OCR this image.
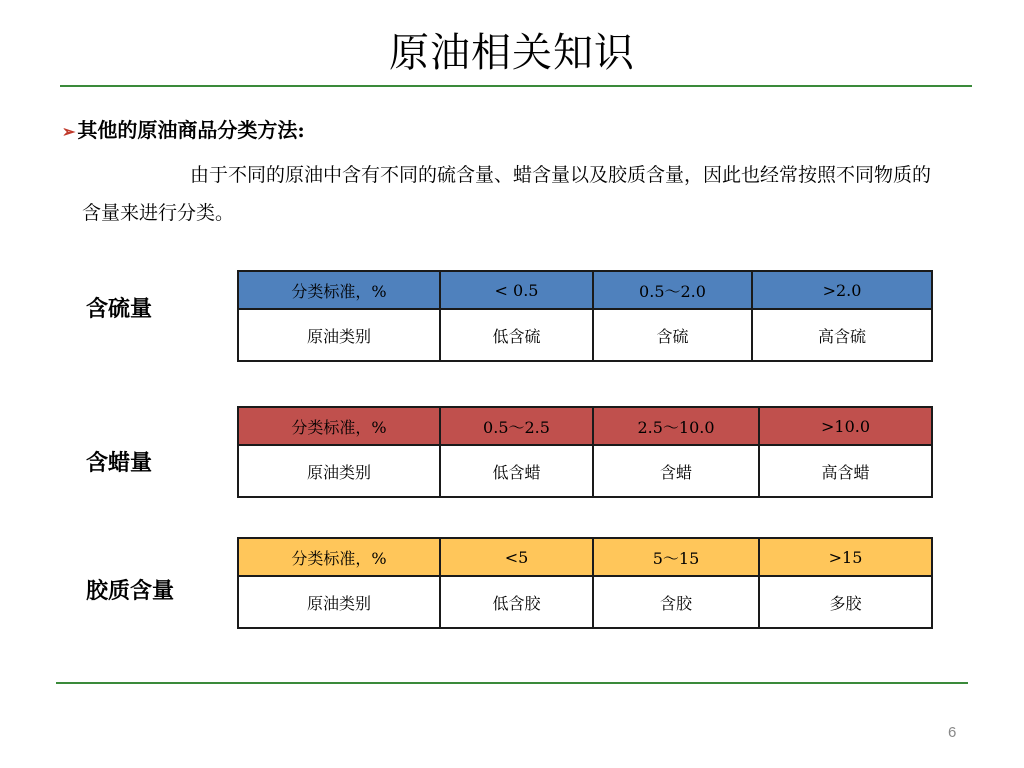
原油相关知识
➢ 其他的原油商品分类方法:
由于不同的原油中含有不同的硫含量、蜡含量以及胶质含量，因此也经常按照不同物质的含量来进行分类。
含硫量
分类标准，%	< 0.5	0.5～2.0	>2.0
原油类别	低含硫	含硫	高含硫
含蜡量
分类标准，%	0.5～2.5	2.5～10.0	>10.0
原油类别	低含蜡	含蜡	高含蜡
胶质含量
分类标准，%	<5	5～15	>15
原油类别	低含胶	含胶	多胶
6
